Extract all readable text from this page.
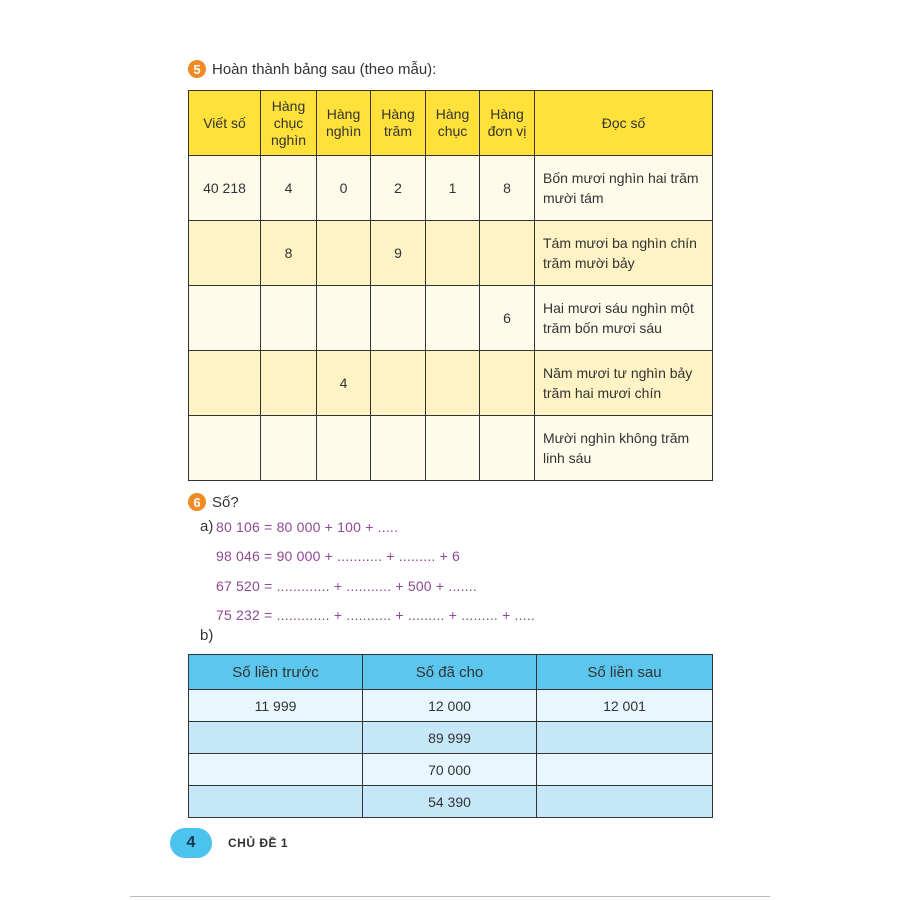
5 Hoàn thành bảng sau (theo mẫu):
Viết số	Hàng chục nghìn	Hàng nghìn	Hàng trăm	Hàng chục	Hàng đơn vị	Đọc số
40 218	4	0	2	1	8	Bốn mươi nghìn hai trăm mười tám
	8		9			Tám mươi ba nghìn chín trăm mười bảy
					6	Hai mươi sáu nghìn một trăm bốn mươi sáu
		4				Năm mươi tư nghìn bảy trăm hai mươi chín
						Mười nghìn không trăm linh sáu
6 Số?
a) 80 106 = 80 000 + 100 + .....
98 046 = 90 000 + ........... + ......... + 6
67 520 = ............. + ........... + 500 + .......
75 232 = ............. + ........... + ......... + ......... + .....
b)
Số liền trước	Số đã cho	Số liền sau
11 999	12 000	12 001
	89 999	
	70 000	
	54 390	
4	CHỦ ĐỀ 1
